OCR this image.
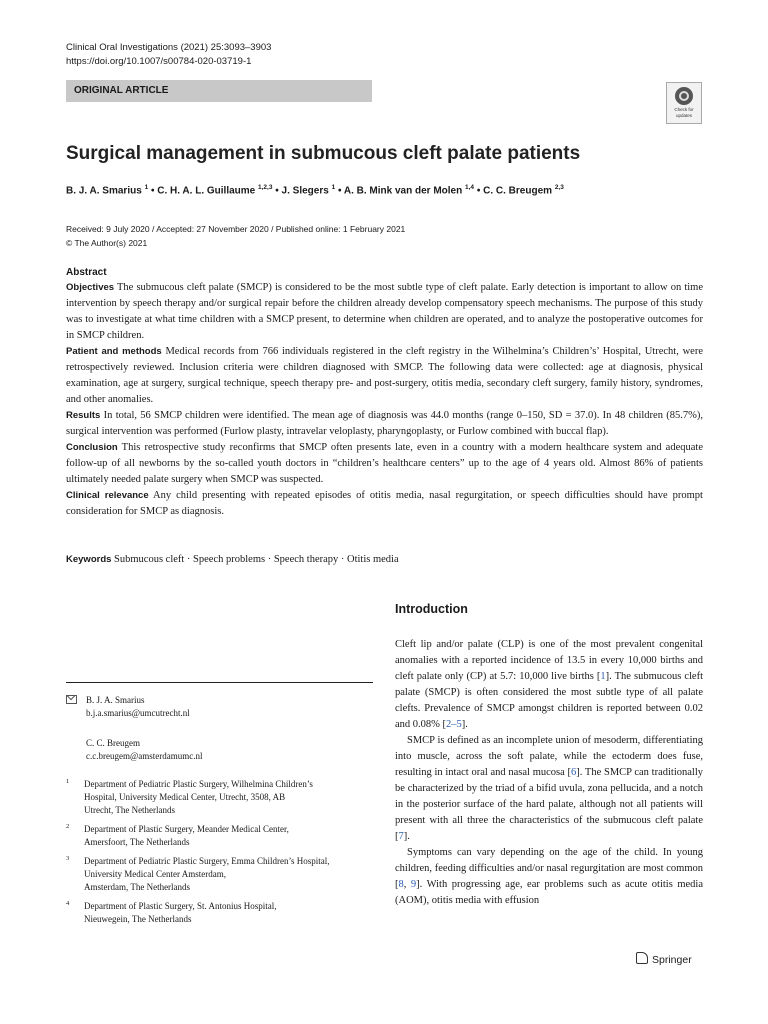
Clinical Oral Investigations (2021) 25:3093–3903
https://doi.org/10.1007/s00784-020-03719-1
ORIGINAL ARTICLE
Check for
updates
Surgical management in submucous cleft palate patients
B. J. A. Smarius $^1$ • C. H. A. L. Guillaume $^{1,2,3}$ • J. Slegers $^1$ • A. B. Mink van der Molen $^{1,4}$ • C. C. Breugem $^{2,3}$
Received: 9 July 2020 / Accepted: 27 November 2020 / Published online: 1 February 2021
© The Author(s) 2021
Abstract

Objectives The submucous cleft palate (SMCP) is considered to be the most subtle type of cleft palate. Early detection is important to allow on time intervention by speech therapy and/or surgical repair before the children already develop compensatory speech mechanisms. The purpose of this study was to investigate at what time children with a SMCP present, to determine when children are operated, and to analyze the postoperative outcomes for in SMCP children.

Patient and methods Medical records from 766 individuals registered in the cleft registry in the Wilhelmina’s Children’s’ Hospital, Utrecht, were retrospectively reviewed. Inclusion criteria were children diagnosed with SMCP. The following data were collected: age at diagnosis, physical examination, age at surgery, surgical technique, speech therapy pre- and post-surgery, otitis media, secondary cleft surgery, family history, syndromes, and other anomalies.

Results In total, 56 SMCP children were identified. The mean age of diagnosis was 44.0 months (range 0–150, SD = 37.0). In 48 children (85.7%), surgical intervention was performed (Furlow plasty, intravelar veloplasty, pharyngoplasty, or Furlow combined with buccal flap).

Conclusion This retrospective study reconfirms that SMCP often presents late, even in a country with a modern healthcare system and adequate follow-up of all newborns by the so-called youth doctors in “children’s healthcare centers” up to the age of 4 years old. Almost 86% of patients ultimately needed palate surgery when SMCP was suspected.

Clinical relevance Any child presenting with repeated episodes of otitis media, nasal regurgitation, or speech difficulties should have prompt consideration for SMCP as diagnosis.

Keywords Submucous cleft · Speech problems · Speech therapy · Otitis media
Introduction

Cleft lip and/or palate (CLP) is one of the most prevalent congenital anomalies with a reported incidence of 13.5 in every 10,000 births and cleft palate only (CP) at 5.7: 10,000 live births [1]. The submucous cleft palate (SMCP) is often considered the most subtle type of all palate clefts. Prevalence of SMCP amongst children is reported between 0.02 and 0.08% [2–5].

SMCP is defined as an incomplete union of mesoderm, differentiating into muscle, across the soft palate, while the ectoderm does fuse, resulting in intact oral and nasal mucosa [6]. The SMCP can traditionally be characterized by the triad of a bifid uvula, zona pellucida, and a notch in the posterior surface of the hard palate, although not all patients will present with all three the characteristics of the submucous cleft palate [7].

Symptoms can vary depending on the age of the child. In young children, feeding difficulties and/or nasal regurgitation are most common [8, 9]. With progressing age, ear problems such as acute otitis media (AOM), otitis media with effusion

B. J. A. Smarius
b.j.a.smarius@umcutrecht.nl
C. C. Breugem
c.c.breugem@amsterdamumc.nl
1 Department of Pediatric Plastic Surgery, Wilhelmina Children’s
Hospital, University Medical Center, Utrecht, 3508, AB
Utrecht, The Netherlands
2 Department of Plastic Surgery, Meander Medical Center,
Amersfoort, The Netherlands
3 Department of Pediatric Plastic Surgery, Emma Children’s Hospital,
University Medical Center Amsterdam,
Amsterdam, The Netherlands
4 Department of Plastic Surgery, St. Antonius Hospital,
Nieuwegein, The Netherlands
Springer
